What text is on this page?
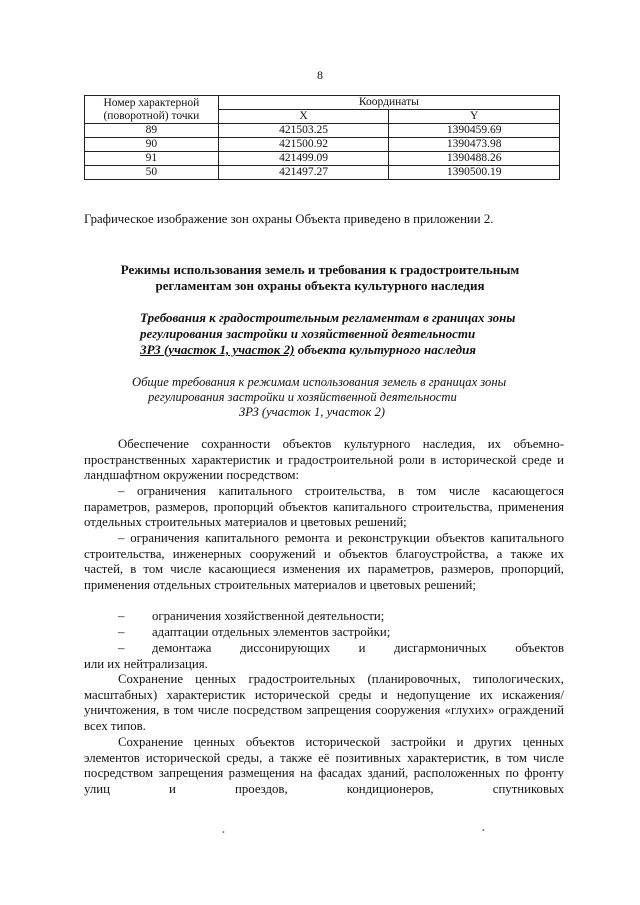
8
Номер характерной
(поворотной) точки	Координаты	
	X	Y
89	421503.25	1390459.69
90	421500.92	1390473.98
91	421499.09	1390488.26
50	421497.27	1390500.19

Графическое изображение зон охраны Объекта приведено в приложении 2.

Режимы использования земель и требования к градостроительным
регламентам зон охраны объекта культурного наследия
Требования к градостроительным регламентам в границах зоны
регулирования застройки и хозяйственной деятельности
ЗРЗ (участок 1, участок 2) объекта культурного наследия
Общие требования к режимам использования земель в границах зоны
регулирования застройки и хозяйственной деятельности
ЗРЗ (участок 1, участок 2)

Обеспечение сохранности объектов культурного наследия, их объемно-пространственных характеристик и градостроительной роли в исторической среде и ландшафтном окружении посредством:

– ограничения капитального строительства, в том числе касающегося параметров, размеров, пропорций объектов капитального строительства, применения отдельных строительных материалов и цветовых решений;

– ограничения капитального ремонта и реконструкции объектов капитального строительства, инженерных сооружений и объектов благоустройства, а также их частей, в том числе касающиеся изменения их параметров, размеров, пропорций, применения отдельных строительных материалов и цветовых решений;

– ограничения хозяйственной деятельности;
– адаптации отдельных элементов застройки;
– демонтажа диссонирующих и дисгармоничных объектов

или их нейтрализация.

Сохранение ценных градостроительных (планировочных, типологических, масштабных) характеристик исторической среды и недопущение их искажения/уничтожения, в том числе посредством запрещения сооружения «глухих» ограждений всех типов.

Сохранение ценных объектов исторической застройки и других ценных элементов исторической среды, а также её позитивных характеристик, в том числе посредством запрещения размещения на фасадах зданий, расположенных по фронту улиц и проездов, кондиционеров, спутниковых

•	•
